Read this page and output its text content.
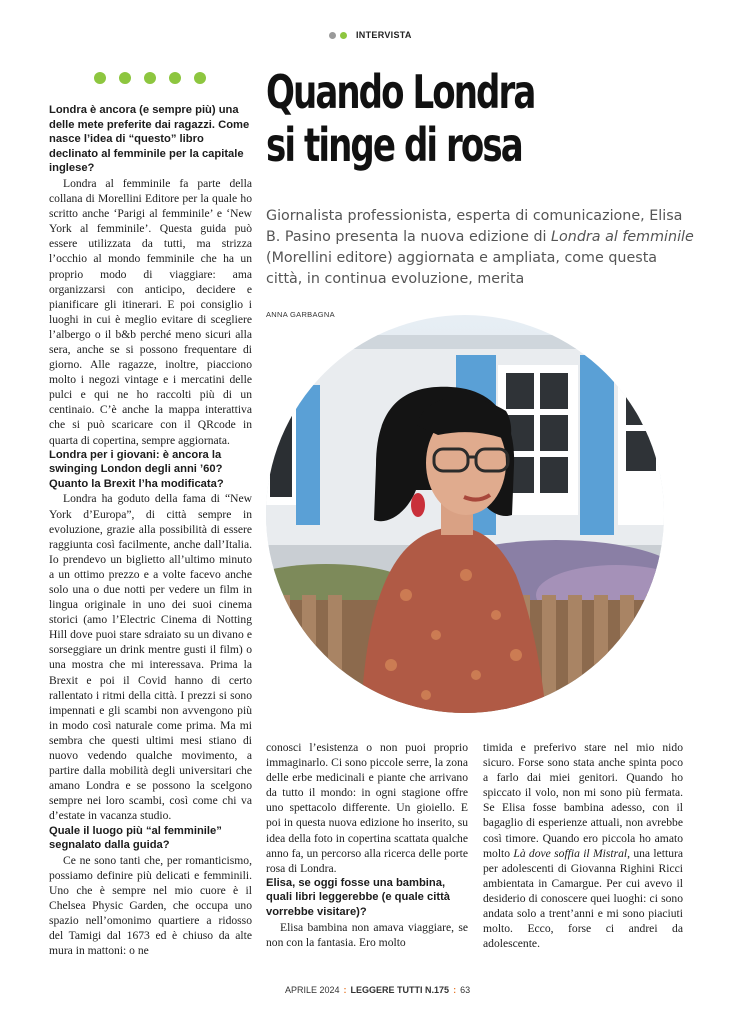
INTERVISTA
Londra è ancora (e sempre più) una delle mete preferite dai ragazzi. Come nasce l’idea di “questo” libro declinato al femminile per la capitale inglese?

Londra al femminile fa parte della collana di Morellini Editore per la quale ho scritto anche ‘Parigi al femminile’ e ‘New York al femminile’. Questa guida può essere utilizzata da tutti, ma strizza l’occhio al mondo femminile che ha un proprio modo di viaggiare: ama organizzarsi con anticipo, decidere e pianificare gli itinerari. E poi consiglio i luoghi in cui è meglio evitare di scegliere l’albergo o il b&b perché meno sicuri alla sera, anche se si possono frequentare di giorno. Alle ragazze, inoltre, piacciono molto i negozi vintage e i mercatini delle pulci e qui ne ho raccolti più di un centinaio. C’è anche la mappa interattiva che si può scaricare con il QRcode in quarta di copertina, sempre aggiornata.

Londra per i giovani: è ancora la swinging London degli anni ’60? Quanto la Brexit l’ha modificata?

Londra ha goduto della fama di “New York d’Europa”, di città sempre in evoluzione, grazie alla possibilità di essere raggiunta così facilmente, anche dall’Italia. Io prendevo un biglietto all’ultimo minuto a un ottimo prezzo e a volte facevo anche solo una o due notti per vedere un film in lingua originale in uno dei suoi cinema storici (amo l’Electric Cinema di Notting Hill dove puoi stare sdraiato su un divano e sorseggiare un drink mentre gusti il film) o una mostra che mi interessava. Prima la Brexit e poi il Covid hanno di certo rallentato i ritmi della città. I prezzi si sono impennati e gli scambi non avvengono più in modo così naturale come prima. Ma mi sembra che questi ultimi mesi stiano di nuovo vedendo qualche movimento, a partire dalla mobilità degli universitari che amano Londra e se possono la scelgono sempre nei loro scambi, così come chi va d’estate in vacanza studio.

Quale il luogo più “al femminile” segnalato dalla guida?

Ce ne sono tanti che, per romanticismo, possiamo definire più delicati e femminili. Uno che è sempre nel mio cuore è il Chelsea Physic Garden, che occupa uno spazio nell’omonimo quartiere a ridosso del Tamigi dal 1673 ed è chiuso da alte mura in mattoni: o ne

Quando Londra
si tinge di rosa
Giornalista professionista, esperta di comunicazione, Elisa B. Pasino presenta la nuova edizione di Londra al femminile (Morellini editore) aggiornata e ampliata, come questa città, in continua evoluzione, merita
ANNA GARBAGNA

conosci l’esistenza o non puoi proprio immaginarlo. Ci sono piccole serre, la zona delle erbe medicinali e piante che arrivano da tutto il mondo: in ogni stagione offre uno spettacolo differente. Un gioiello. E poi in questa nuova edizione ho inserito, su idea della foto in copertina scattata qualche anno fa, un percorso alla ricerca delle porte rosa di Londra.

Elisa, se oggi fosse una bambina, quali libri leggerebbe (e quale città vorrebbe visitare)?

Elisa bambina non amava viaggiare, se non con la fantasia. Ero molto

timida e preferivo stare nel mio nido sicuro. Forse sono stata anche spinta poco a farlo dai miei genitori. Quando ho spiccato il volo, non mi sono più fermata. Se Elisa fosse bambina adesso, con il bagaglio di esperienze attuali, non avrebbe così timore. Quando ero piccola ho amato molto Là dove soffia il Mistral, una lettura per adolescenti di Giovanna Righini Ricci ambientata in Camargue. Per cui avevo il desiderio di conoscere quei luoghi: ci sono andata solo a trent’anni e mi sono piaciuti molto. Ecco, forse ci andrei da adolescente.

APRILE 2024 : LEGGERE TUTTI N.175 : 63
